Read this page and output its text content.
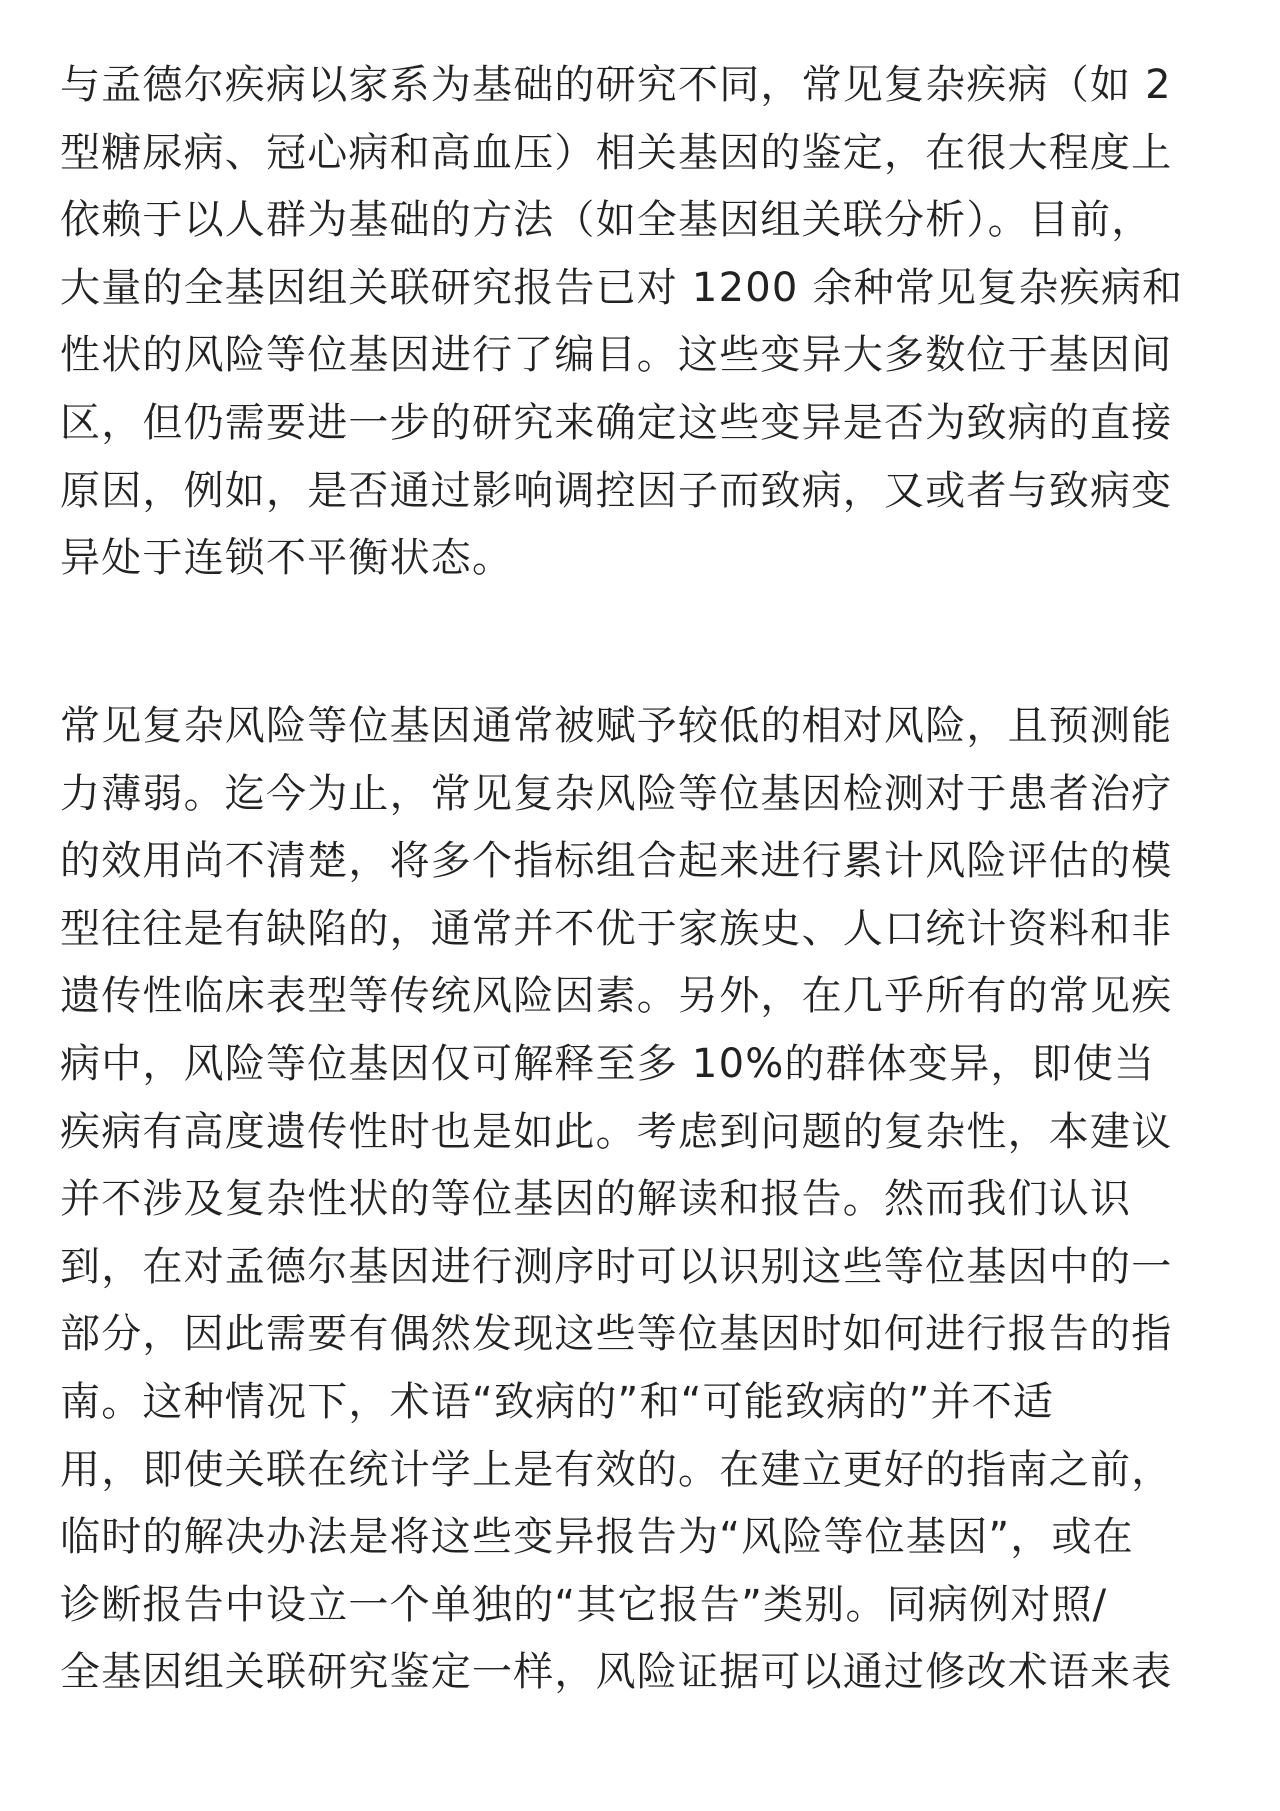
与孟德尔疾病以家系为基础的研究不同，常见复杂疾病（如 2
型糖尿病、冠心病和高血压）相关基因的鉴定，在很大程度上
依赖于以人群为基础的方法（如全基因组关联分析）。目前，
大量的全基因组关联研究报告已对 1200 余种常见复杂疾病和
性状的风险等位基因进行了编目。这些变异大多数位于基因间
区，但仍需要进一步的研究来确定这些变异是否为致病的直接
原因，例如，是否通过影响调控因子而致病，又或者与致病变
异处于连锁不平衡状态。
常见复杂风险等位基因通常被赋予较低的相对风险，且预测能
力薄弱。迄今为止，常见复杂风险等位基因检测对于患者治疗
的效用尚不清楚，将多个指标组合起来进行累计风险评估的模
型往往是有缺陷的，通常并不优于家族史、人口统计资料和非
遗传性临床表型等传统风险因素。另外，在几乎所有的常见疾
病中，风险等位基因仅可解释至多 10%的群体变异，即使当
疾病有高度遗传性时也是如此。考虑到问题的复杂性，本建议
并不涉及复杂性状的等位基因的解读和报告。然而我们认识
到，在对孟德尔基因进行测序时可以识别这些等位基因中的一
部分，因此需要有偶然发现这些等位基因时如何进行报告的指
南。这种情况下，术语“致病的”和“可能致病的”并不适
用，即使关联在统计学上是有效的。在建立更好的指南之前，
临时的解决办法是将这些变异报告为“风险等位基因”，或在
诊断报告中设立一个单独的“其它报告”类别。同病例对照/
全基因组关联研究鉴定一样，风险证据可以通过修改术语来表
